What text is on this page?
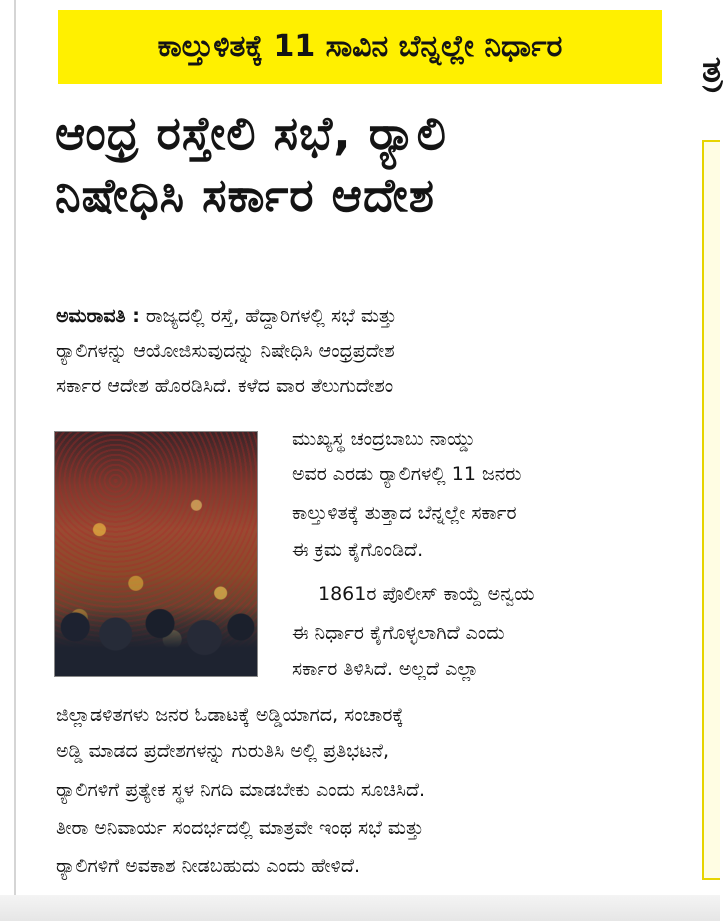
ಕಾಲ್ತುಳಿತಕ್ಕೆ 11 ಸಾವಿನ ಬೆನ್ನಲ್ಲೇ ನಿರ್ಧಾರ
ಆಂಧ್ರ ರಸ್ತೇಲಿ ಸಭೆ, ರ್‍ಯಾಲಿ
ನಿಷೇಧಿಸಿ ಸರ್ಕಾರ ಆದೇಶ
ತ್ರ
ಅಮರಾವತಿ : ರಾಜ್ಯದಲ್ಲಿ ರಸ್ತೆ, ಹೆದ್ದಾರಿಗಳಲ್ಲಿ ಸಭೆ ಮತ್ತು
ರ್‍ಯಾಲಿಗಳನ್ನು ಆಯೋಜಿಸುವುದನ್ನು ನಿಷೇಧಿಸಿ ಆಂಧ್ರಪ್ರದೇಶ
ಸರ್ಕಾರ ಆದೇಶ ಹೊರಡಿಸಿದೆ. ಕಳೆದ ವಾರ ತೆಲುಗುದೇಶಂ
ಮುಖ್ಯಸ್ಥ ಚಂದ್ರಬಾಬು ನಾಯ್ಡು
ಅವರ ಎರಡು ರ್‍ಯಾಲಿಗಳಲ್ಲಿ 11 ಜನರು
ಕಾಲ್ತುಳಿತಕ್ಕೆ ತುತ್ತಾದ ಬೆನ್ನಲ್ಲೇ ಸರ್ಕಾರ
ಈ ಕ್ರಮ ಕೈಗೊಂಡಿದೆ.
1861ರ ಪೊಲೀಸ್ ಕಾಯ್ದೆ ಅನ್ವಯ
ಈ ನಿರ್ಧಾರ ಕೈಗೊಳ್ಳಲಾಗಿದೆ ಎಂದು
ಸರ್ಕಾರ ತಿಳಿಸಿದೆ. ಅಲ್ಲದೆ ಎಲ್ಲಾ
ಜಿಲ್ಲಾಡಳಿತಗಳು ಜನರ ಓಡಾಟಕ್ಕೆ ಅಡ್ಡಿಯಾಗದ, ಸಂಚಾರಕ್ಕೆ
ಅಡ್ಡಿ ಮಾಡದ ಪ್ರದೇಶಗಳನ್ನು ಗುರುತಿಸಿ ಅಲ್ಲಿ ಪ್ರತಿಭಟನೆ,
ರ್‍ಯಾಲಿಗಳಿಗೆ ಪ್ರತ್ಯೇಕ ಸ್ಥಳ ನಿಗದಿ ಮಾಡಬೇಕು ಎಂದು ಸೂಚಿಸಿದೆ.
ತೀರಾ ಅನಿವಾರ್ಯ ಸಂದರ್ಭದಲ್ಲಿ ಮಾತ್ರವೇ ಇಂಥ ಸಭೆ ಮತ್ತು
ರ್‍ಯಾಲಿಗಳಿಗೆ ಅವಕಾಶ ನೀಡಬಹುದು ಎಂದು ಹೇಳಿದೆ.
